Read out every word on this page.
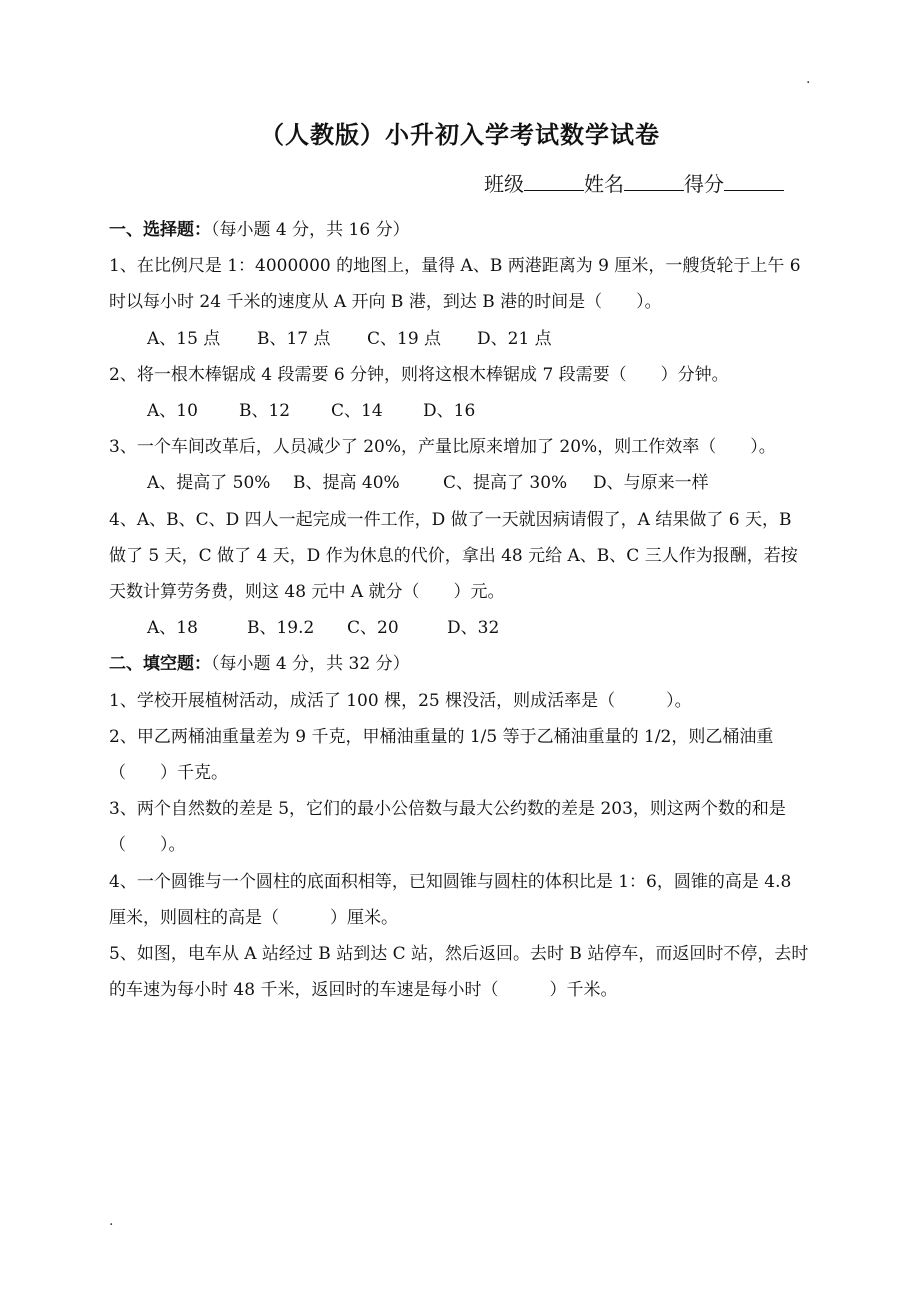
.
（人教版）小升初入学考试数学试卷
班级	姓名	得分

一、选择题：（每小题 4 分，共 16 分）

1、在比例尺是 1：4000000 的地图上，量得 A、B 两港距离为 9 厘米，一艘货轮于上午 6 时以每小时 24 千米的速度从 A 开向 B 港，到达 B 港的时间是（　　）。

A、15 点 B、17 点 C、19 点 D、21 点

2、将一根木棒锯成 4 段需要 6 分钟，则将这根木棒锯成 7 段需要（　　）分钟。

A、10 B、12 C、14 D、16

3、一个车间改革后，人员减少了 20%，产量比原来增加了 20%，则工作效率（　　）。

A、提高了 50% B、提高 40%	C、提高了 30% D、与原来一样

4、A、B、C、D 四人一起完成一件工作，D 做了一天就因病请假了，A 结果做了 6 天，B 做了 5 天，C 做了 4 天，D 作为休息的代价，拿出 48 元给 A、B、C 三人作为报酬，若按天数计算劳务费，则这 48 元中 A 就分（　　）元。

A、18	B、19.2 C、20	D、32

二、填空题：（每小题 4 分，共 32 分）

1、学校开展植树活动，成活了 100 棵，25 棵没活，则成活率是（　　　）。

2、甲乙两桶油重量差为 9 千克，甲桶油重量的 1/5 等于乙桶油重量的 1/2，则乙桶油重（　　）千克。

3、两个自然数的差是 5，它们的最小公倍数与最大公约数的差是 203，则这两个数的和是（　　）。

4、一个圆锥与一个圆柱的底面积相等，已知圆锥与圆柱的体积比是 1：6，圆锥的高是 4.8 厘米，则圆柱的高是（　　　）厘米。

5、如图，电车从 A 站经过 B 站到达 C 站，然后返回。去时 B 站停车，而返回时不停，去时的车速为每小时 48 千米，返回时的车速是每小时（　　　）千米。

.
